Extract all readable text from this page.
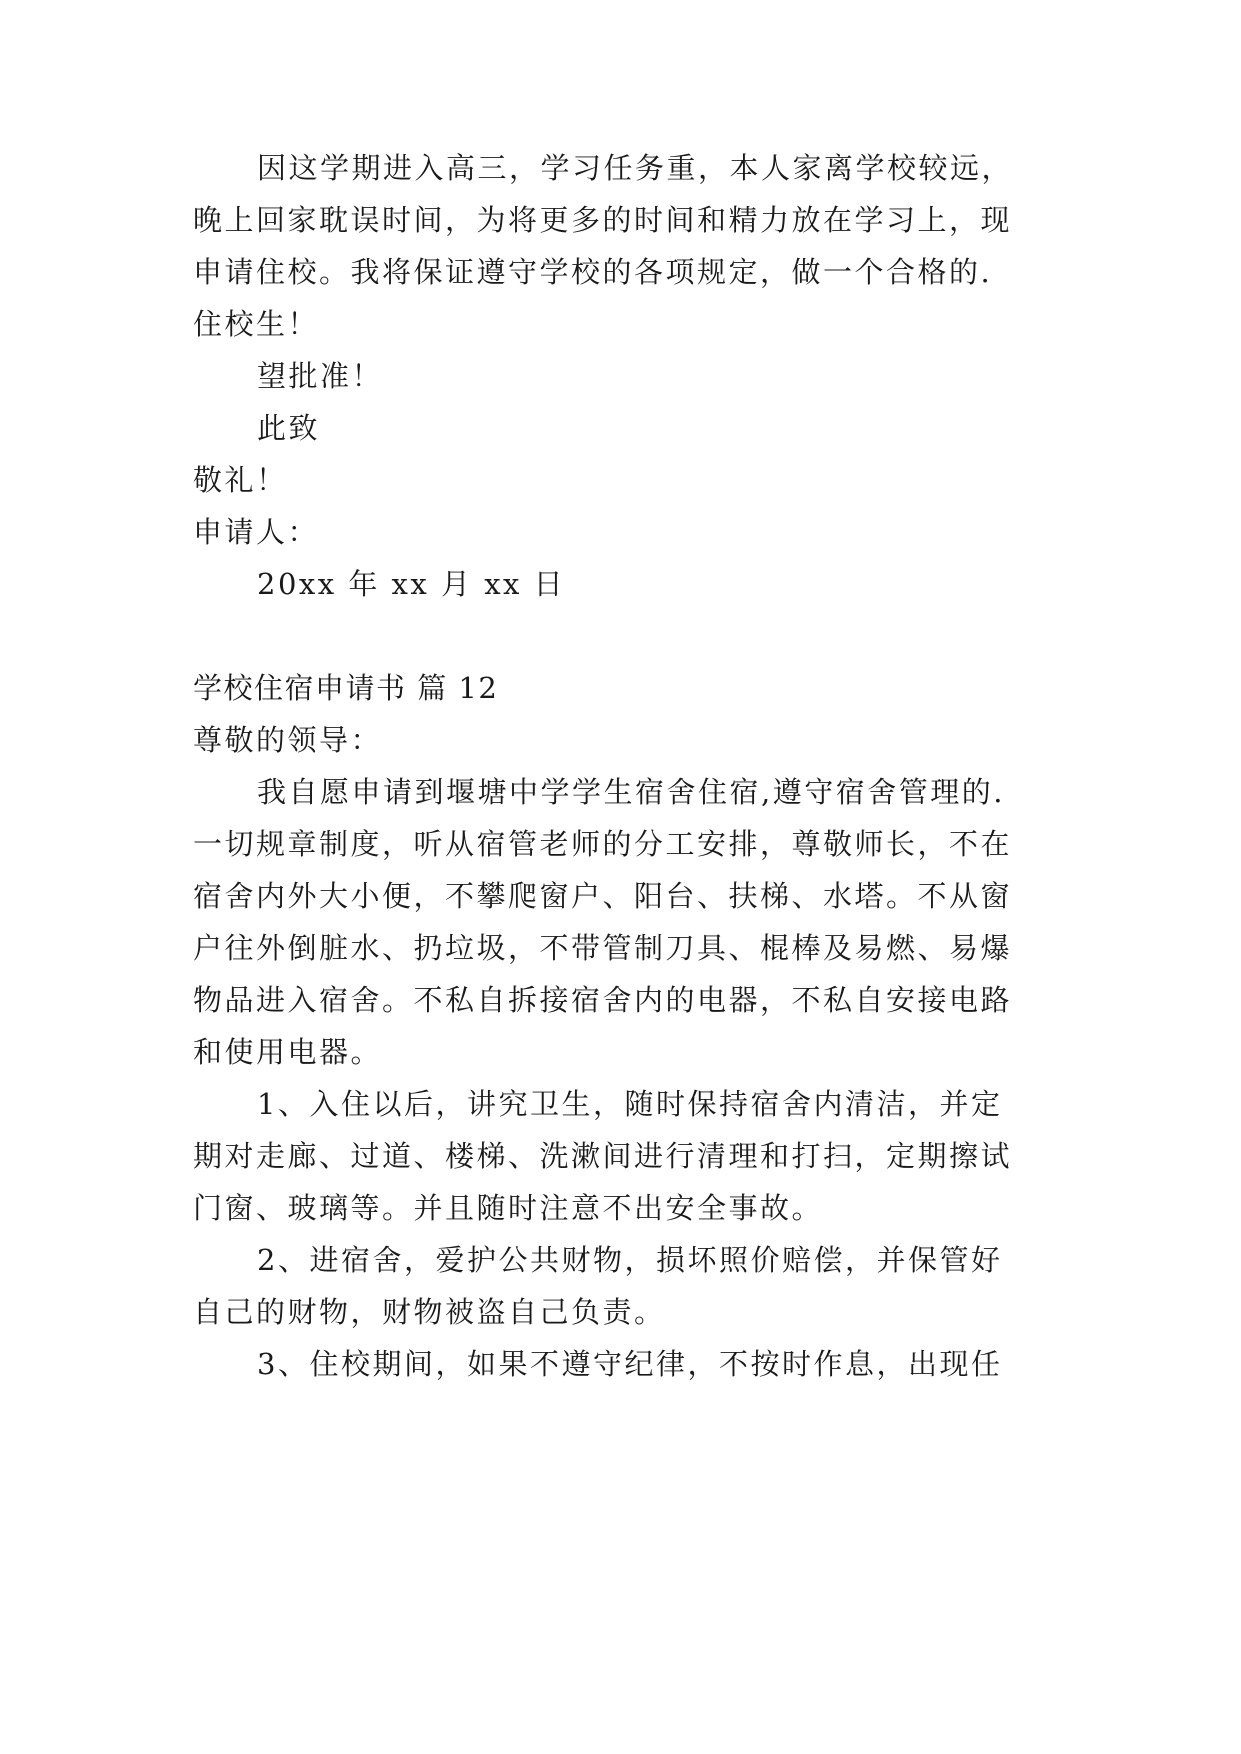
因这学期进入高三，学习任务重，本人家离学校较远，
晚上回家耽误时间，为将更多的时间和精力放在学习上，现
申请住校。我将保证遵守学校的各项规定，做一个合格的.
住校生！
望批准！
此致
敬礼！
申请人：
20xx 年 xx 月 xx 日
学校住宿申请书 篇 12
尊敬的领导：
我自愿申请到堰塘中学学生宿舍住宿,遵守宿舍管理的.
一切规章制度，听从宿管老师的分工安排，尊敬师长，不在
宿舍内外大小便，不攀爬窗户、阳台、扶梯、水塔。不从窗
户往外倒脏水、扔垃圾，不带管制刀具、棍棒及易燃、易爆
物品进入宿舍。不私自拆接宿舍内的电器，不私自安接电路
和使用电器。
1、入住以后，讲究卫生，随时保持宿舍内清洁，并定
期对走廊、过道、楼梯、洗漱间进行清理和打扫，定期擦试
门窗、玻璃等。并且随时注意不出安全事故。
2、进宿舍，爱护公共财物，损坏照价赔偿，并保管好
自己的财物，财物被盗自己负责。
3、住校期间，如果不遵守纪律，不按时作息，出现任
